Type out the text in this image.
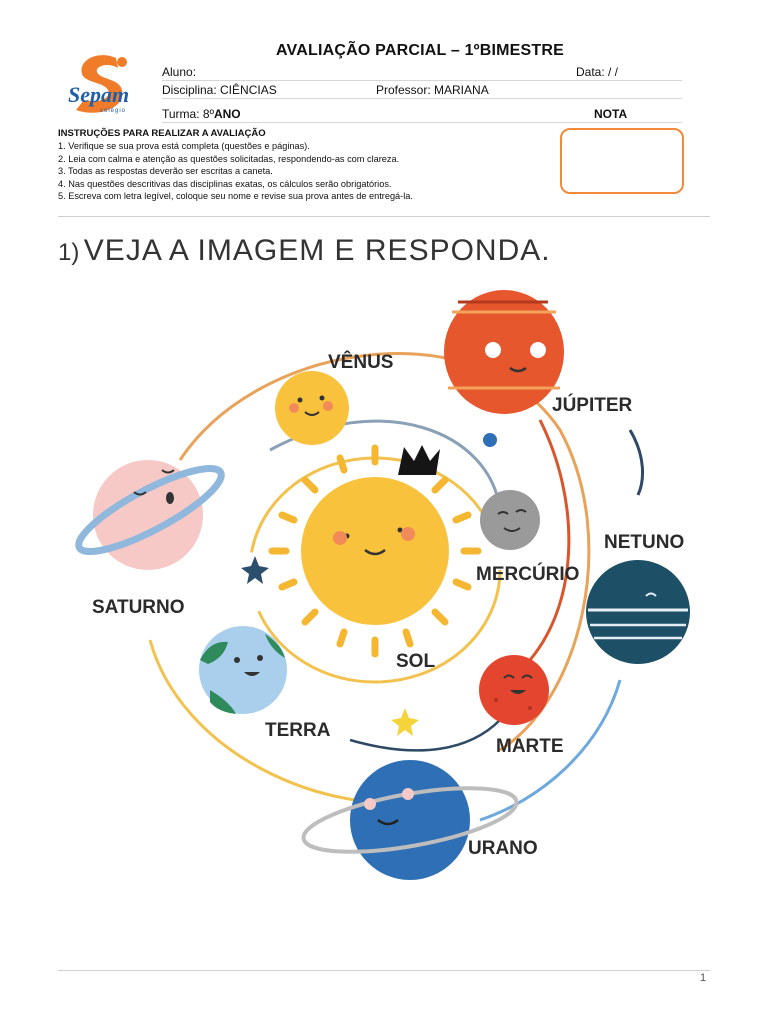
Sepam
colégio
AVALIAÇÃO PARCIAL – 1ºBIMESTRE
Aluno:	Data: / /
Disciplina: CIÊNCIAS	Professor: MARIANA
Turma: 8ºANO	NOTA
INSTRUÇÕES PARA REALIZAR A AVALIAÇÃO
1. Verifique se sua prova está completa (questões e páginas).
2. Leia com calma e atenção as questões solicitadas, respondendo-as com clareza.
3. Todas as respostas deverão ser escritas a caneta.
4. Nas questões descritivas das disciplinas exatas, os cálculos serão obrigatórios.
5. Escreva com letra legível, coloque seu nome e revise sua prova antes de entregá-la.
1) VEJA A IMAGEM E RESPONDA.
VÊNUS
JÚPITER
NETUNO
SATURNO
MERCÚRIO
SOL
TERRA
MARTE
URANO
1
